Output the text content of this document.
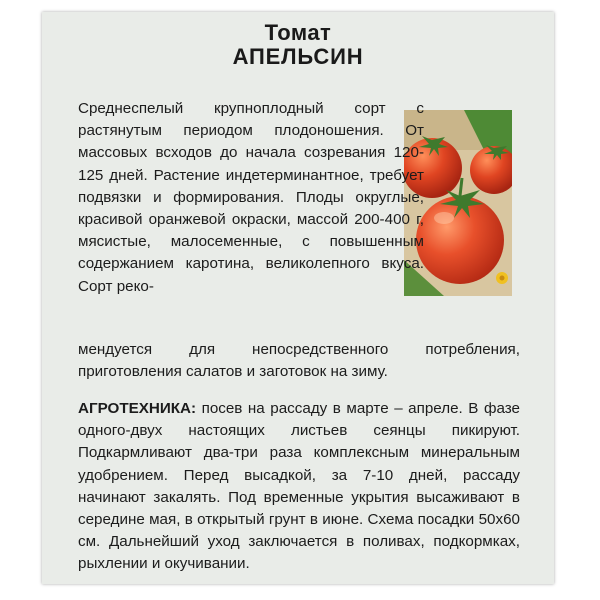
Томат
АПЕЛЬСИН
Среднеспелый крупноплодный сорт с растянутым периодом плодоношения. От массовых всходов до начала созревания 120-125 дней. Растение индетерминантное, требует подвязки и формирования. Плоды округлые, красивой оранжевой окраски, массой 200-400 г, мясистые, малосеменные, с повышенным содержанием каротина, великолепного вкуса. Сорт реко-
мендуется для непосредственного потребления, приготовления салатов и заготовок на зиму.
АГРОТЕХНИКА: посев на рассаду в марте – апреле. В фазе одного-двух настоящих листьев сеянцы пикируют. Подкармливают два-три раза комплексным минеральным удобрением. Перед высадкой, за 7-10 дней, рассаду начинают закалять. Под временные укрытия высаживают в середине мая, в открытый грунт в июне. Схема посадки 50х60 см. Дальнейший уход заключается в поливах, подкормках, рыхлении и окучивании.
